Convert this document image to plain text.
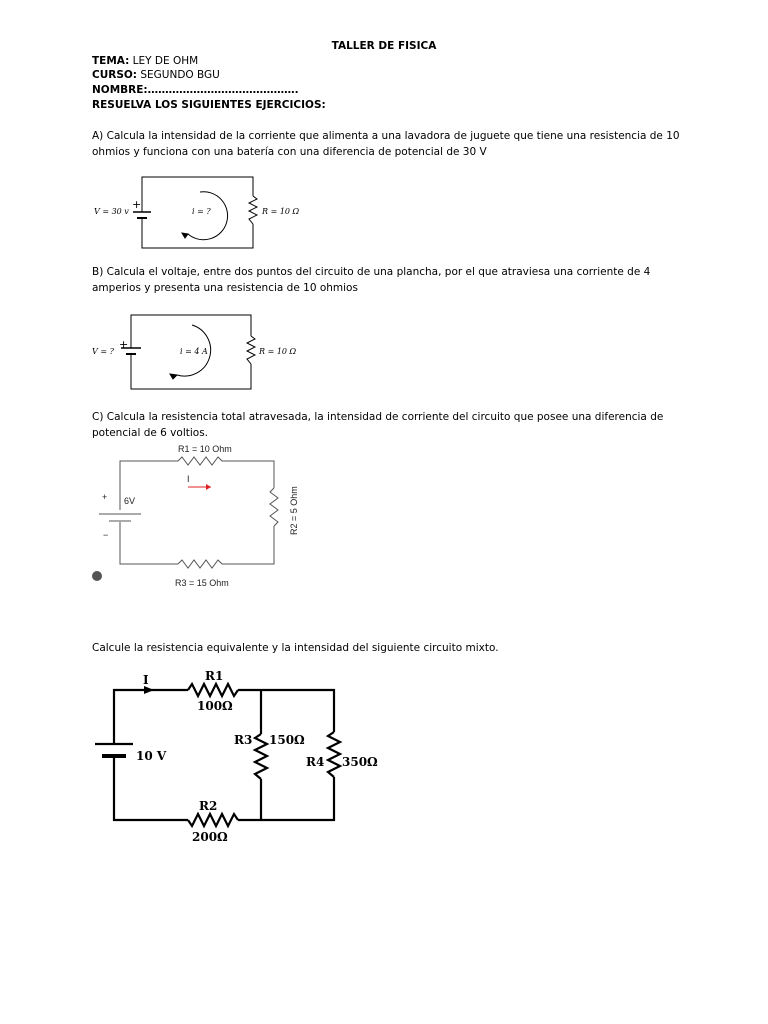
TALLER DE FISICA
TEMA: LEY DE OHM
CURSO: SEGUNDO BGU
NOMBRE:…………………………………….
RESUELVA LOS SIGUIENTES EJERCICIOS:
A) Calcula la intensidad de la corriente que alimenta a una lavadora de juguete que tiene una resistencia de 10
ohmios y funciona con una batería con una diferencia de potencial de 30 V
V = 30 v
+
i = ?	R = 10 Ω
B) Calcula el voltaje, entre dos puntos del circuito de una plancha, por el que atraviesa una corriente de 4
amperios y presenta una resistencia de 10 ohmios
V = ?
+
i = 4 A	R = 10 Ω
C) Calcula la resistencia total atravesada, la intensidad de corriente del circuito que posee una diferencia de
potencial de 6 voltios.
R1 = 10 Ohm
I
+ 6V
−	R2 = 5 Ohm
R3 = 15 Ohm
Calcule la resistencia equivalente y la intensidad del siguiente circuito mixto.
I	R1
100Ω
10 V
R3 150Ω
R4 350Ω
R2
200Ω
